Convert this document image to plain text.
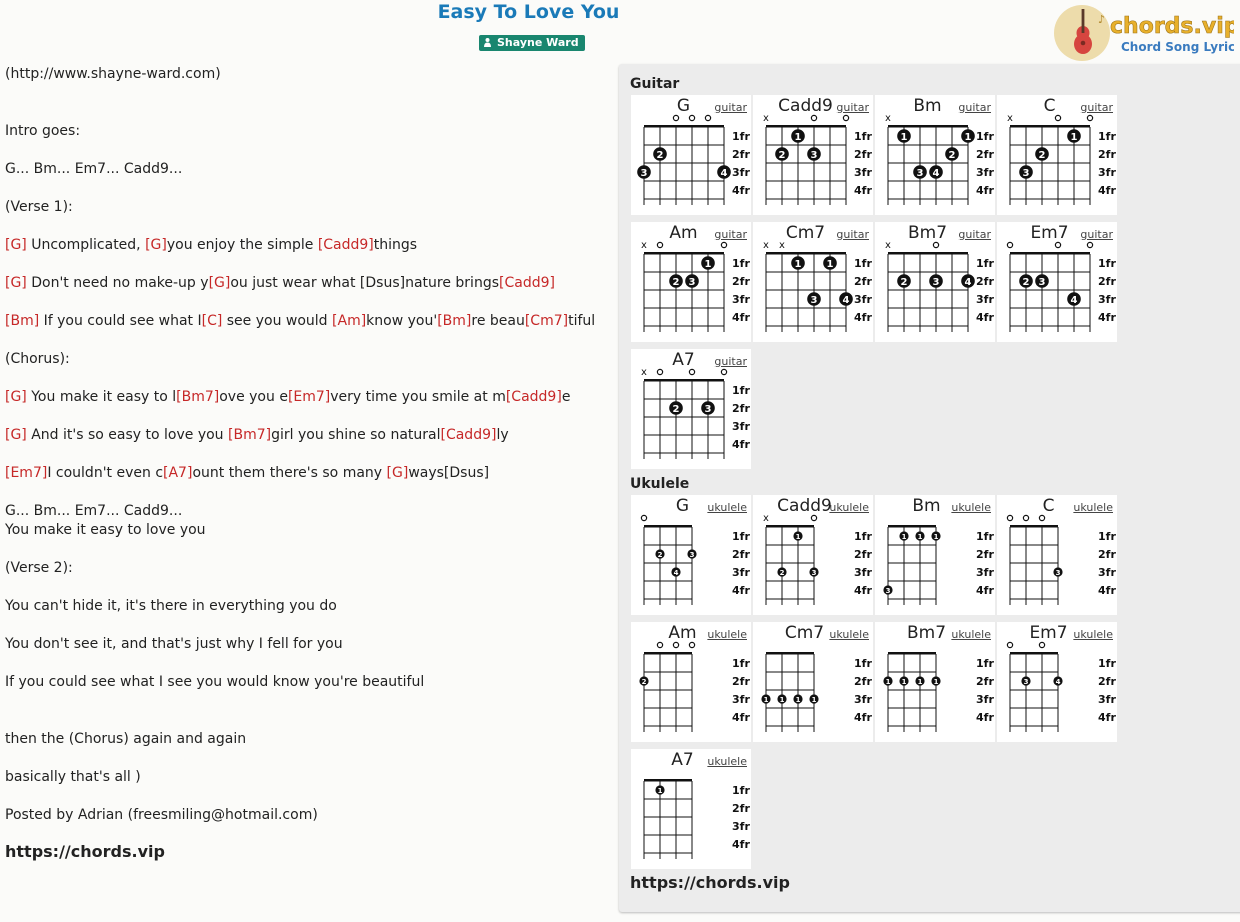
Easy To Love You
Shayne Ward
♪ chords.vip
Chord Song Lyric
(http://www.shayne-ward.com)
Intro goes:
G... Bm... Em7... Cadd9...
(Verse 1):
[G] Uncomplicated, [G]you enjoy the simple [Cadd9]things
[G] Don't need no make-up y[G]ou just wear what [Dsus]nature brings[Cadd9]
[Bm] If you could see what I[C] see you would [Am]know you'[Bm]re beau[Cm7]tiful
(Chorus):
[G] You make it easy to l[Bm7]ove you e[Em7]very time you smile at m[Cadd9]e
[G] And it's so easy to love you [Bm7]girl you shine so natural[Cadd9]ly
[Em7]I couldn't even c[A7]ount them there's so many [G]ways[Dsus]
G... Bm... Em7... Cadd9...
You make it easy to love you
(Verse 2):
You can't hide it, it's there in everything you do
You don't see it, and that's just why I fell for you
If you could see what I see you would know you're beautiful
then the (Chorus) again and again
basically that's all )
Posted by Adrian (freesmiling@hotmail.com)
https://chords.vip
Guitar
G	guitar
1fr
2fr
3fr
4fr
2
3	4
Cadd9 guitar
1fr
2fr
3fr
4fr
x
1
2	3
Bm	guitar
1fr
2fr
3fr
4fr
x
1	1
2
3 4
C	guitar
1fr
2fr
3fr
4fr
x
1
2
3
Am	guitar
1fr
2fr
3fr
4fr
x
1
2 3
Cm7	guitar
1fr
2fr
3fr
4fr
x x
1	1
3	4
Bm7	guitar
1fr
2fr
3fr
4fr
x
2	3	4
Em7	guitar
1fr
2fr
3fr
4fr
2 3
4
A7	guitar
1fr
2fr
3fr
4fr
x
2	3
Ukulele
G	ukulele
1fr
2fr
3fr
4fr
2	3
4
Cadd9
ukulele
1fr
2fr
3fr
4fr
x
1
2	3
Bm ukulele
1fr
2fr
3fr
4fr
1 1 1
3
C	ukulele
1fr
2fr
3fr
4fr
3
Am ukulele
1fr
2fr
3fr
4fr
2
Cm7 ukulele
1fr
2fr
3fr
4fr
1 1 1 1
Bm7 ukulele
1fr
2fr
3fr
4fr
1 1 1 1
Em7 ukulele
1fr
2fr
3fr
4fr
3	4
A7	ukulele
1fr
2fr
3fr
4fr
1
https://chords.vip
